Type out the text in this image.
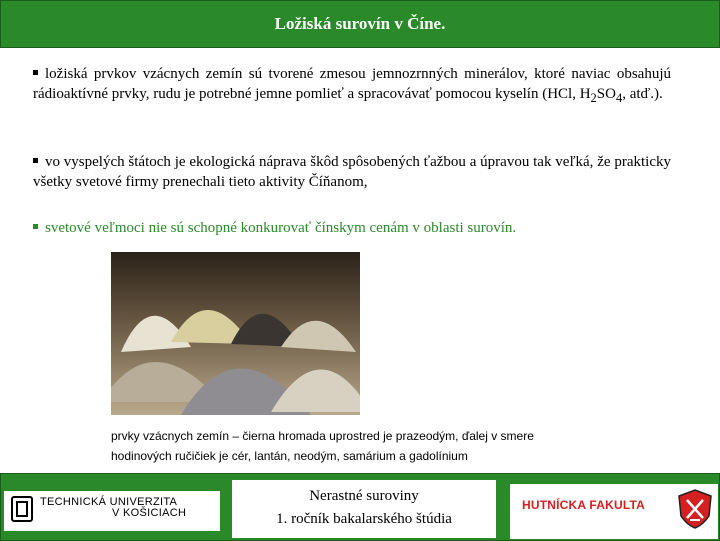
Ložiská surovín v Číne.
ložiská prvkov vzácnych zemín sú tvorené zmesou jemnozrnných minerálov, ktoré naviac obsahujú rádioaktívné prvky, rudu je potrebné jemne pomlieť a spracovávať pomocou kyselín (HCl, $H_2SO_4$, atď.).
vo vyspelých štátoch je ekologická náprava škôd spôsobených ťažbou a úpravou tak veľká, že prakticky všetky svetové firmy prenechali tieto aktivity Číňanom,
svetové veľmoci nie sú schopné konkurovať čínskym cenám v oblasti surovín.
prvky vzácnych zemín – čierna hromada uprostred je prazeodým, ďalej v smere
hodinových ručičiek je cér, lantán, neodým, samárium a gadolínium
TECHNICKÁ UNIVERZITA
V KOŠICIACH
Nerastné suroviny
1. ročník bakalarského štúdia
HUTNÍCKA FAKULTA
